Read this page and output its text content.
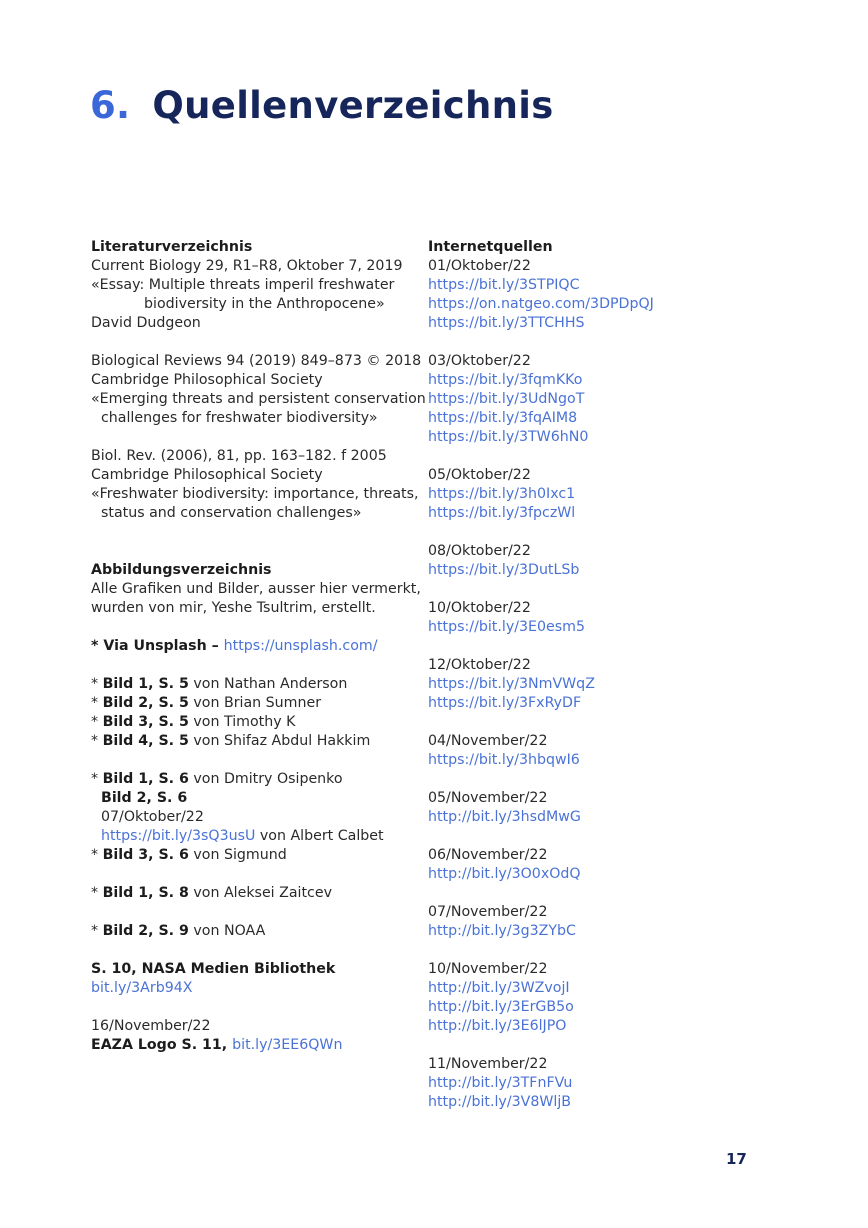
6. Quellenverzeichnis
Literaturverzeichnis
Current Biology 29, R1–R8, Oktober 7, 2019
«Essay: Multiple threats imperil freshwater
biodiversity in the Anthropocene»
David Dudgeon
Biological Reviews 94 (2019) 849–873 © 2018
Cambridge Philosophical Society
«Emerging threats and persistent conservation
challenges for freshwater biodiversity»
Biol. Rev. (2006), 81, pp. 163–182. f 2005
Cambridge Philosophical Society
«Freshwater biodiversity: importance, threats,
status and conservation challenges»
Abbildungsverzeichnis
Alle Grafiken und Bilder, ausser hier vermerkt,
wurden von mir, Yeshe Tsultrim, erstellt.
* Via Unsplash – https://unsplash.com/
* Bild 1, S. 5 von Nathan Anderson
* Bild 2, S. 5 von Brian Sumner
* Bild 3, S. 5 von Timothy K
* Bild 4, S. 5 von Shifaz Abdul Hakkim
* Bild 1, S. 6 von Dmitry Osipenko
Bild 2, S. 6
07/Oktober/22
https://bit.ly/3sQ3usU von Albert Calbet
* Bild 3, S. 6 von Sigmund
* Bild 1, S. 8 von Aleksei Zaitcev
* Bild 2, S. 9 von NOAA
S. 10, NASA Medien Bibliothek
bit.ly/3Arb94X
16/November/22
EAZA Logo S. 11, bit.ly/3EE6QWn
Internetquellen
01/Oktober/22
https://bit.ly/3STPIQC
https://on.natgeo.com/3DPDpQJ
https://bit.ly/3TTCHHS
03/Oktober/22
https://bit.ly/3fqmKKo
https://bit.ly/3UdNgoT
https://bit.ly/3fqAIM8
https://bit.ly/3TW6hN0
05/Oktober/22
https://bit.ly/3h0Ixc1
https://bit.ly/3fpczWl
08/Oktober/22
https://bit.ly/3DutLSb
10/Oktober/22
https://bit.ly/3E0esm5
12/Oktober/22
https://bit.ly/3NmVWqZ
https://bit.ly/3FxRyDF
04/November/22
https://bit.ly/3hbqwI6
05/November/22
http://bit.ly/3hsdMwG
06/November/22
http://bit.ly/3O0xOdQ
07/November/22
http://bit.ly/3g3ZYbC
10/November/22
http://bit.ly/3WZvojI
http://bit.ly/3ErGB5o
http://bit.ly/3E6lJPO
11/November/22
http://bit.ly/3TFnFVu
http://bit.ly/3V8WljB
17
